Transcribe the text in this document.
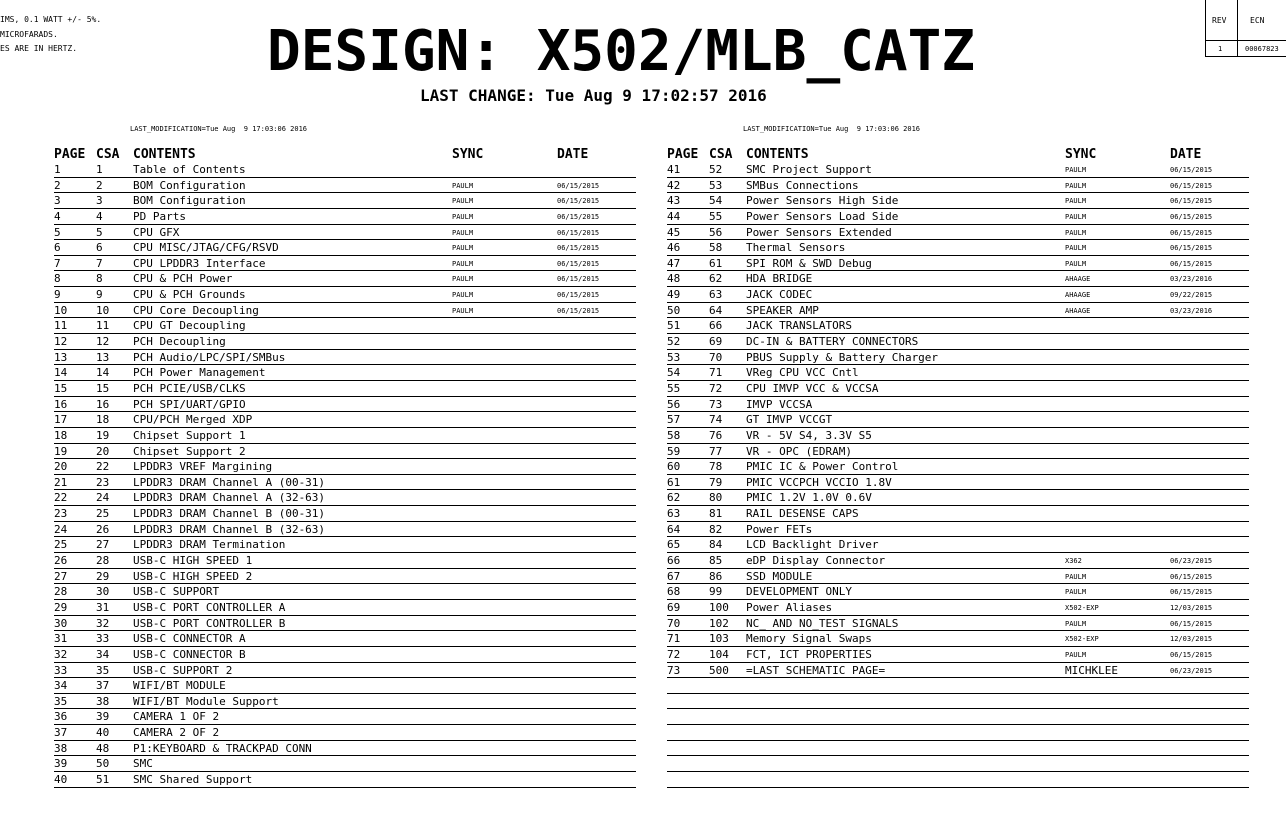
IMS, 0.1 WATT +/- 5%.
MICROFARADS.
ES ARE IN HERTZ.	DESIGN: X502/MLB_CATZ
LAST CHANGE: Tue Aug 9 17:02:57 2016
REV	ECN
1	00067823
LAST_MODIFICATION=Tue Aug  9 17:03:06 2016	LAST_MODIFICATION=Tue Aug  9 17:03:06 2016
PAGE CSA CONTENTS	SYNC	DATE
1	1	Table of Contents
2	2	BOM Configuration	PAULM	06/15/2015
3	3	BOM Configuration	PAULM	06/15/2015
4	4	PD Parts	PAULM	06/15/2015
5	5	CPU GFX	PAULM	06/15/2015
6	6	CPU MISC/JTAG/CFG/RSVD	PAULM	06/15/2015
7	7	CPU LPDDR3 Interface	PAULM	06/15/2015
8	8	CPU & PCH Power	PAULM	06/15/2015
9	9	CPU & PCH Grounds	PAULM	06/15/2015
10	10 CPU Core Decoupling	PAULM	06/15/2015
11	11 CPU GT Decoupling
12	12 PCH Decoupling
13	13 PCH Audio/LPC/SPI/SMBus
14	14 PCH Power Management
15	15 PCH PCIE/USB/CLKS
16	16 PCH SPI/UART/GPIO
17	18 CPU/PCH Merged XDP
18	19 Chipset Support 1
19	20 Chipset Support 2
20	22 LPDDR3 VREF Margining
21	23 LPDDR3 DRAM Channel A (00-31)
22	24 LPDDR3 DRAM Channel A (32-63)
23	25 LPDDR3 DRAM Channel B (00-31)
24	26 LPDDR3 DRAM Channel B (32-63)
25	27 LPDDR3 DRAM Termination
26	28 USB-C HIGH SPEED 1
27	29 USB-C HIGH SPEED 2
28	30 USB-C SUPPORT
29	31 USB-C PORT CONTROLLER A
30	32 USB-C PORT CONTROLLER B
31	33 USB-C CONNECTOR A
32	34 USB-C CONNECTOR B
33	35 USB-C SUPPORT 2
34	37 WIFI/BT MODULE
35	38 WIFI/BT Module Support
36	39 CAMERA 1 OF 2
37	40 CAMERA 2 OF 2
38	48 P1:KEYBOARD & TRACKPAD CONN
39	50 SMC
40	51 SMC Shared Support
PAGE CSA CONTENTS	SYNC	DATE
41	52 SMC Project Support	PAULM	06/15/2015
42	53 SMBus Connections	PAULM	06/15/2015
43	54 Power Sensors High Side	PAULM	06/15/2015
44	55 Power Sensors Load Side	PAULM	06/15/2015
45	56 Power Sensors Extended	PAULM	06/15/2015
46	58 Thermal Sensors	PAULM	06/15/2015
47	61 SPI ROM & SWD Debug	PAULM	06/15/2015
48	62 HDA BRIDGE	AHAAGE	03/23/2016
49	63 JACK CODEC	AHAAGE	09/22/2015
50	64 SPEAKER AMP	AHAAGE	03/23/2016
51	66 JACK TRANSLATORS
52	69 DC-IN & BATTERY CONNECTORS
53	70 PBUS Supply & Battery Charger
54	71 VReg CPU VCC Cntl
55	72 CPU IMVP VCC & VCCSA
56	73 IMVP VCCSA
57	74 GT IMVP VCCGT
58	76 VR - 5V S4, 3.3V S5
59	77 VR - OPC (EDRAM)
60	78 PMIC IC & Power Control
61	79 PMIC VCCPCH VCCIO 1.8V
62	80 PMIC 1.2V 1.0V 0.6V
63	81 RAIL DESENSE CAPS
64	82 Power FETs
65	84 LCD Backlight Driver
66	85 eDP Display Connector	X362	06/23/2015
67	86 SSD MODULE	PAULM	06/15/2015
68	99 DEVELOPMENT ONLY	PAULM	06/15/2015
69	100 Power Aliases	X502-EXP	12/03/2015
70	102 NC_ AND NO_TEST SIGNALS	PAULM	06/15/2015
71	103 Memory Signal Swaps	X502-EXP	12/03/2015
72	104 FCT, ICT PROPERTIES	PAULM	06/15/2015
73	500 =LAST SCHEMATIC PAGE=	MICHKLEE	06/23/2015
